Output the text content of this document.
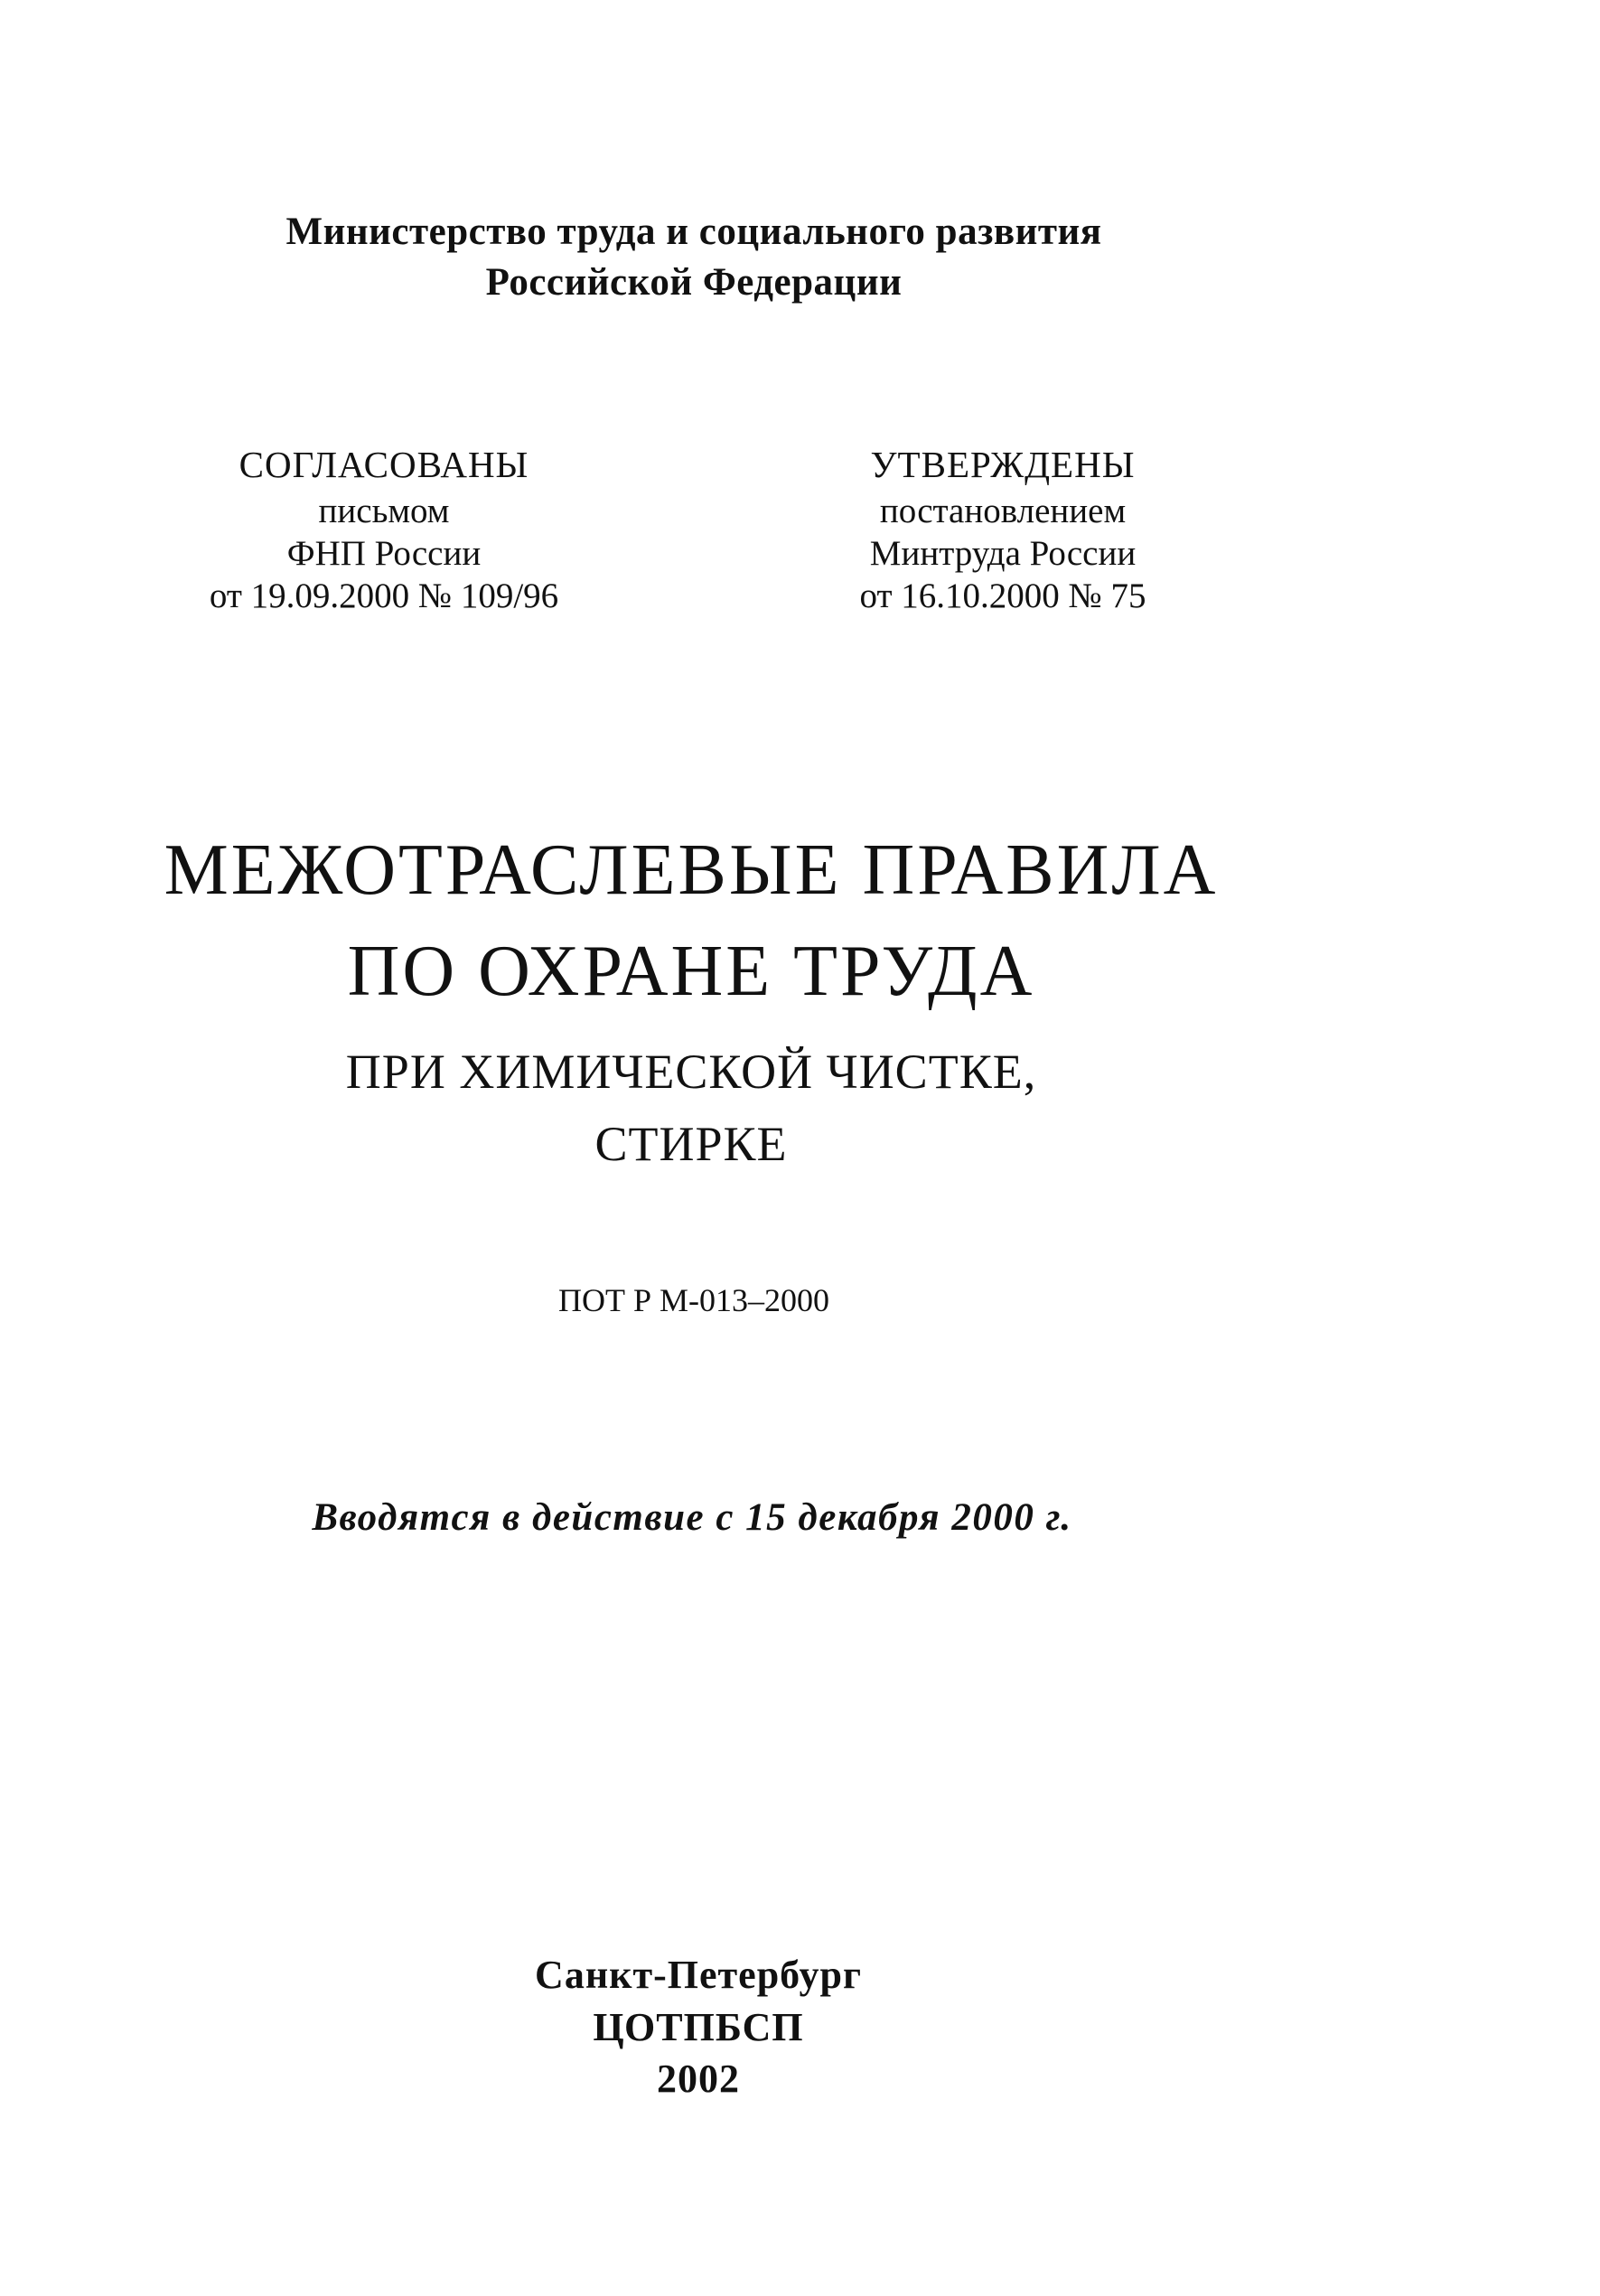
Министерство труда и социального развития
Российской Федерации
СОГЛАСОВАНЫ
письмом
ФНП России
от 19.09.2000 № 109/96
УТВЕРЖДЕНЫ
постановлением
Минтруда России
от 16.10.2000 № 75
МЕЖОТРАСЛЕВЫЕ ПРАВИЛА
ПО ОХРАНЕ ТРУДА
ПРИ ХИМИЧЕСКОЙ ЧИСТКЕ,
СТИРКЕ
ПОТ Р М-013–2000
Вводятся в действие с 15 декабря 2000 г.
Санкт-Петербург
ЦОТПБСП
2002
